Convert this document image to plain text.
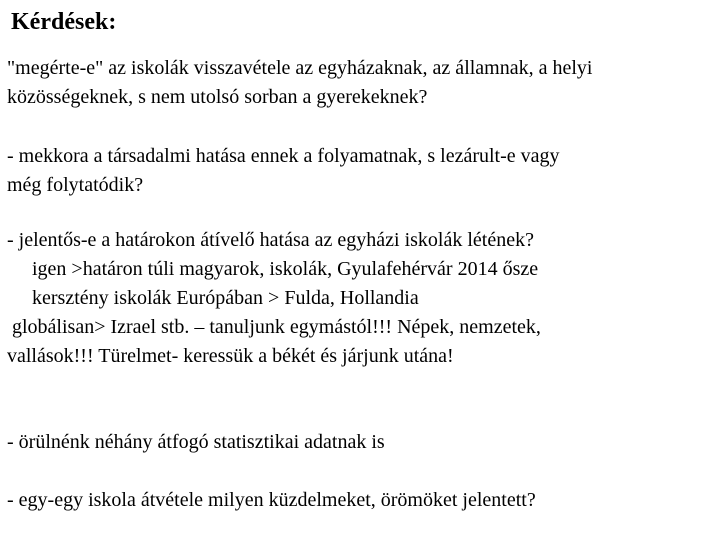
Kérdések:
"megérte-e" az iskolák visszavétele az egyházaknak, az államnak, a helyi
közösségeknek, s nem utolsó sorban a gyerekeknek?
- mekkora a társadalmi hatása ennek a folyamatnak, s lezárult-e vagy
még folytatódik?
- jelentős-e a határokon átívelő hatása az egyházi iskolák létének?
igen >határon túli magyarok, iskolák, Gyulafehérvár 2014 ősze
kersztény iskolák Európában > Fulda, Hollandia
globálisan> Izrael stb. – tanuljunk egymástól!!! Népek, nemzetek,
vallások!!! Türelmet- keressük a békét és járjunk utána!
- örülnénk néhány átfogó statisztikai adatnak is
- egy-egy iskola átvétele milyen küzdelmeket, örömöket jelentett?
